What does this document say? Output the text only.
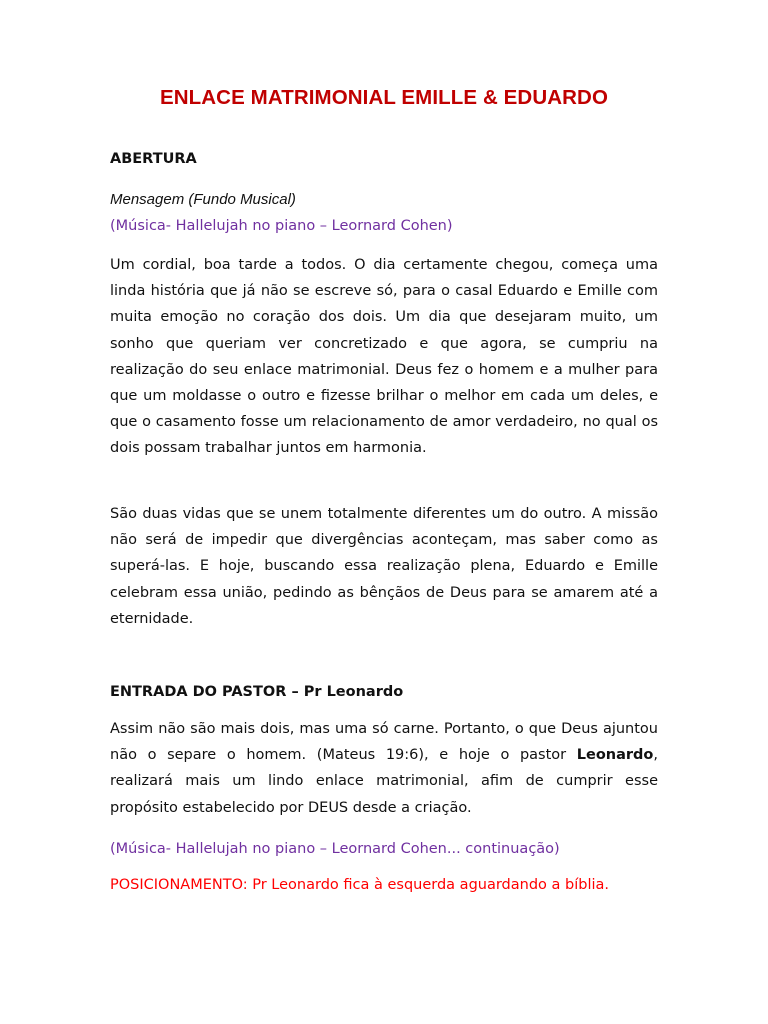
ENLACE MATRIMONIAL EMILLE & EDUARDO
ABERTURA

Mensagem (Fundo Musical)

(Música- Hallelujah no piano – Leornard Cohen)

Um cordial, boa tarde a todos. O dia certamente chegou, começa uma linda história que já não se escreve só, para o casal Eduardo e Emille com muita emoção no coração dos dois. Um dia que desejaram muito, um sonho que queriam ver concretizado e que agora, se cumpriu na realização do seu enlace matrimonial. Deus fez o homem e a mulher para que um moldasse o outro e fizesse brilhar o melhor em cada um deles, e que o casamento fosse um relacionamento de amor verdadeiro, no qual os dois possam trabalhar juntos em harmonia.

São duas vidas que se unem totalmente diferentes um do outro. A missão não será de impedir que divergências aconteçam, mas saber como as superá-las. E hoje, buscando essa realização plena, Eduardo e Emille celebram essa união, pedindo as bênçãos de Deus para se amarem até a eternidade.

ENTRADA DO PASTOR – Pr Leonardo

Assim não são mais dois, mas uma só carne. Portanto, o que Deus ajuntou não o separe o homem. (Mateus 19:6), e hoje o pastor Leonardo, realizará mais um lindo enlace matrimonial, afim de cumprir esse propósito estabelecido por DEUS desde a criação.

(Música- Hallelujah no piano – Leornard Cohen... continuação)

POSICIONAMENTO: Pr Leonardo fica à esquerda aguardando a bíblia.
